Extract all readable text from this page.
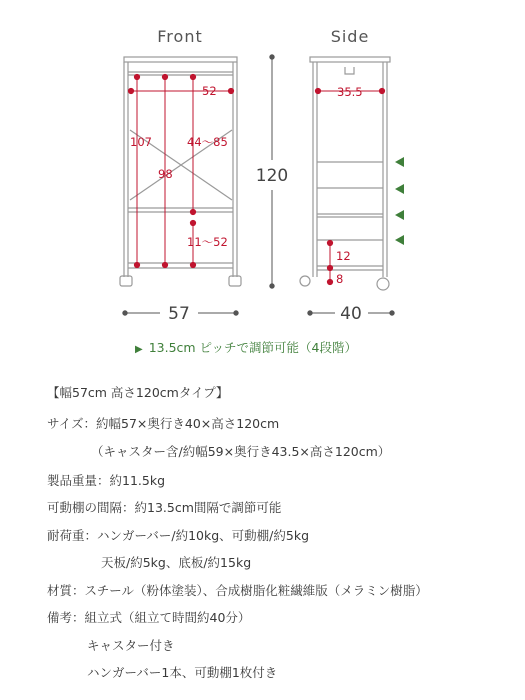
Front	Side
52
107	44～85
98
11～52
57
120
35.5
12
8
40
▶ 13.5cm ピッチで調節可能（4段階）
【幅57cm 高さ120cmタイプ】
サイズ：約幅57×奥行き40×高さ120cm
（キャスター含/約幅59×奥行き43.5×高さ120cm）
製品重量：約11.5kg
可動棚の間隔：約13.5cm間隔で調節可能
耐荷重：ハンガーバー/約10kg、可動棚/約5kg
天板/約5kg、底板/約15kg
材質：スチール（粉体塗装）、合成樹脂化粧繊維版（メラミン樹脂）
備考：組立式（組立て時間約40分）
キャスター付き
ハンガーバー1本、可動棚1枚付き
